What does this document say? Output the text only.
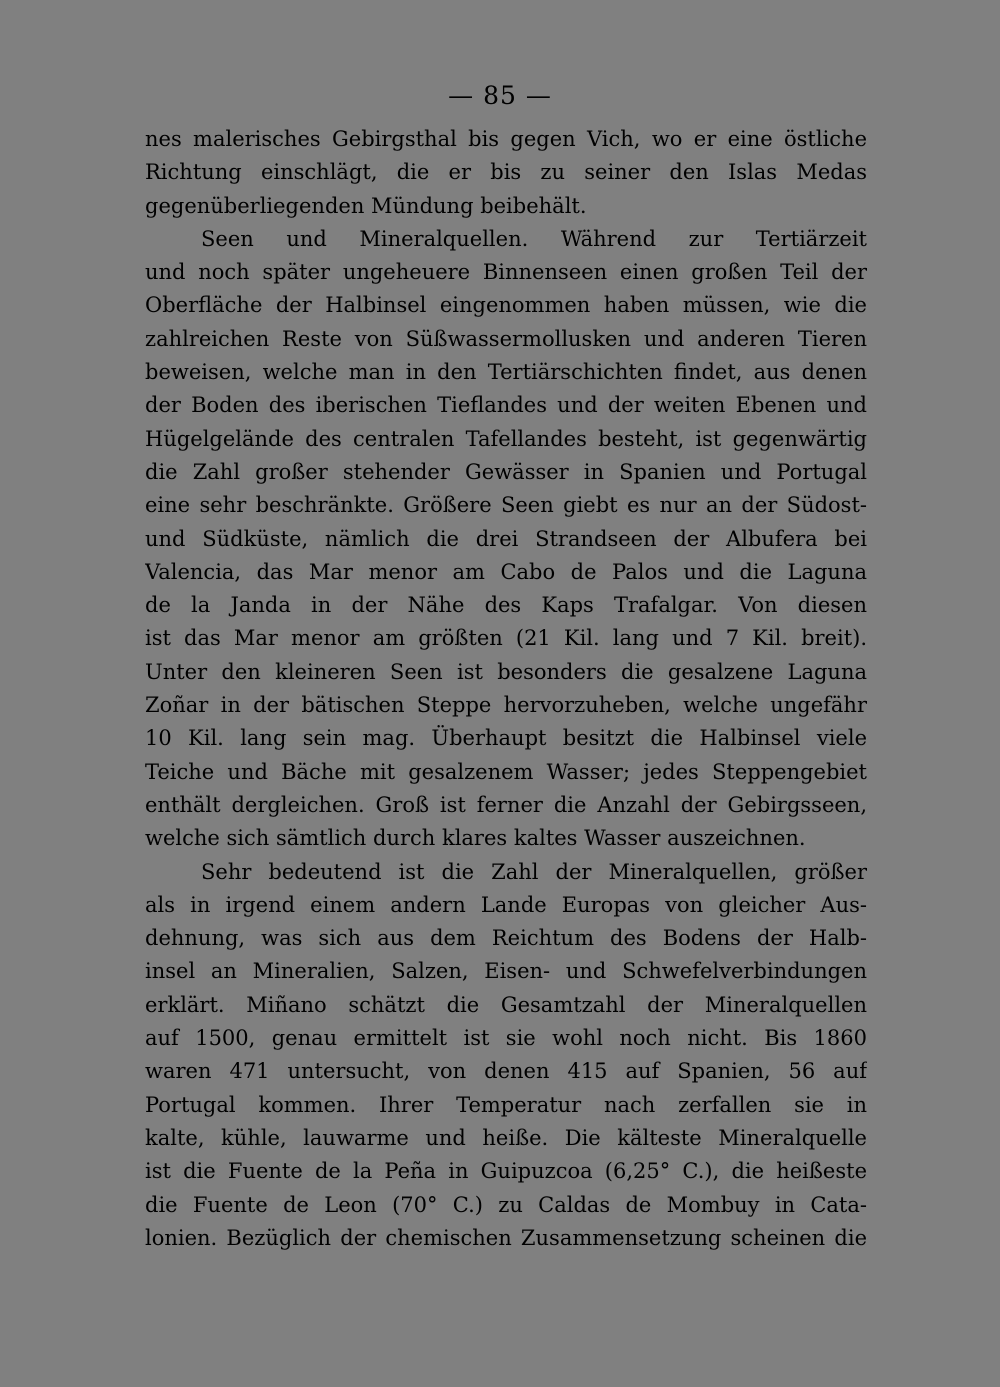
— 85 —
nes malerisches Gebirgsthal bis gegen Vich, wo er eine östliche
Richtung einschlägt, die er bis zu seiner den Islas Medas
gegenüberliegenden Mündung beibehält.
Seen und Mineralquellen. Während zur Tertiärzeit
und noch später ungeheuere Binnenseen einen großen Teil der
Oberfläche der Halbinsel eingenommen haben müssen, wie die
zahlreichen Reste von Süßwassermollusken und anderen Tieren
beweisen, welche man in den Tertiärschichten findet, aus denen
der Boden des iberischen Tieflandes und der weiten Ebenen und
Hügelgelände des centralen Tafellandes besteht, ist gegenwärtig
die Zahl großer stehender Gewässer in Spanien und Portugal
eine sehr beschränkte. Größere Seen giebt es nur an der Südost-
und Südküste, nämlich die drei Strandseen der Albufera bei
Valencia, das Mar menor am Cabo de Palos und die Laguna
de la Janda in der Nähe des Kaps Trafalgar. Von diesen
ist das Mar menor am größten (21 Kil. lang und 7 Kil. breit).
Unter den kleineren Seen ist besonders die gesalzene Laguna
Zoñar in der bätischen Steppe hervorzuheben, welche ungefähr
10 Kil. lang sein mag. Überhaupt besitzt die Halbinsel viele
Teiche und Bäche mit gesalzenem Wasser; jedes Steppengebiet
enthält dergleichen. Groß ist ferner die Anzahl der Gebirgsseen,
welche sich sämtlich durch klares kaltes Wasser auszeichnen.
Sehr bedeutend ist die Zahl der Mineralquellen, größer
als in irgend einem andern Lande Europas von gleicher Aus-
dehnung, was sich aus dem Reichtum des Bodens der Halb-
insel an Mineralien, Salzen, Eisen- und Schwefelverbindungen
erklärt. Miñano schätzt die Gesamtzahl der Mineralquellen
auf 1500, genau ermittelt ist sie wohl noch nicht. Bis 1860
waren 471 untersucht, von denen 415 auf Spanien, 56 auf
Portugal kommen. Ihrer Temperatur nach zerfallen sie in
kalte, kühle, lauwarme und heiße. Die kälteste Mineralquelle
ist die Fuente de la Peña in Guipuzcoa (6,25° C.), die heißeste
die Fuente de Leon (70° C.) zu Caldas de Mombuy in Cata-
lonien. Bezüglich der chemischen Zusammensetzung scheinen die
